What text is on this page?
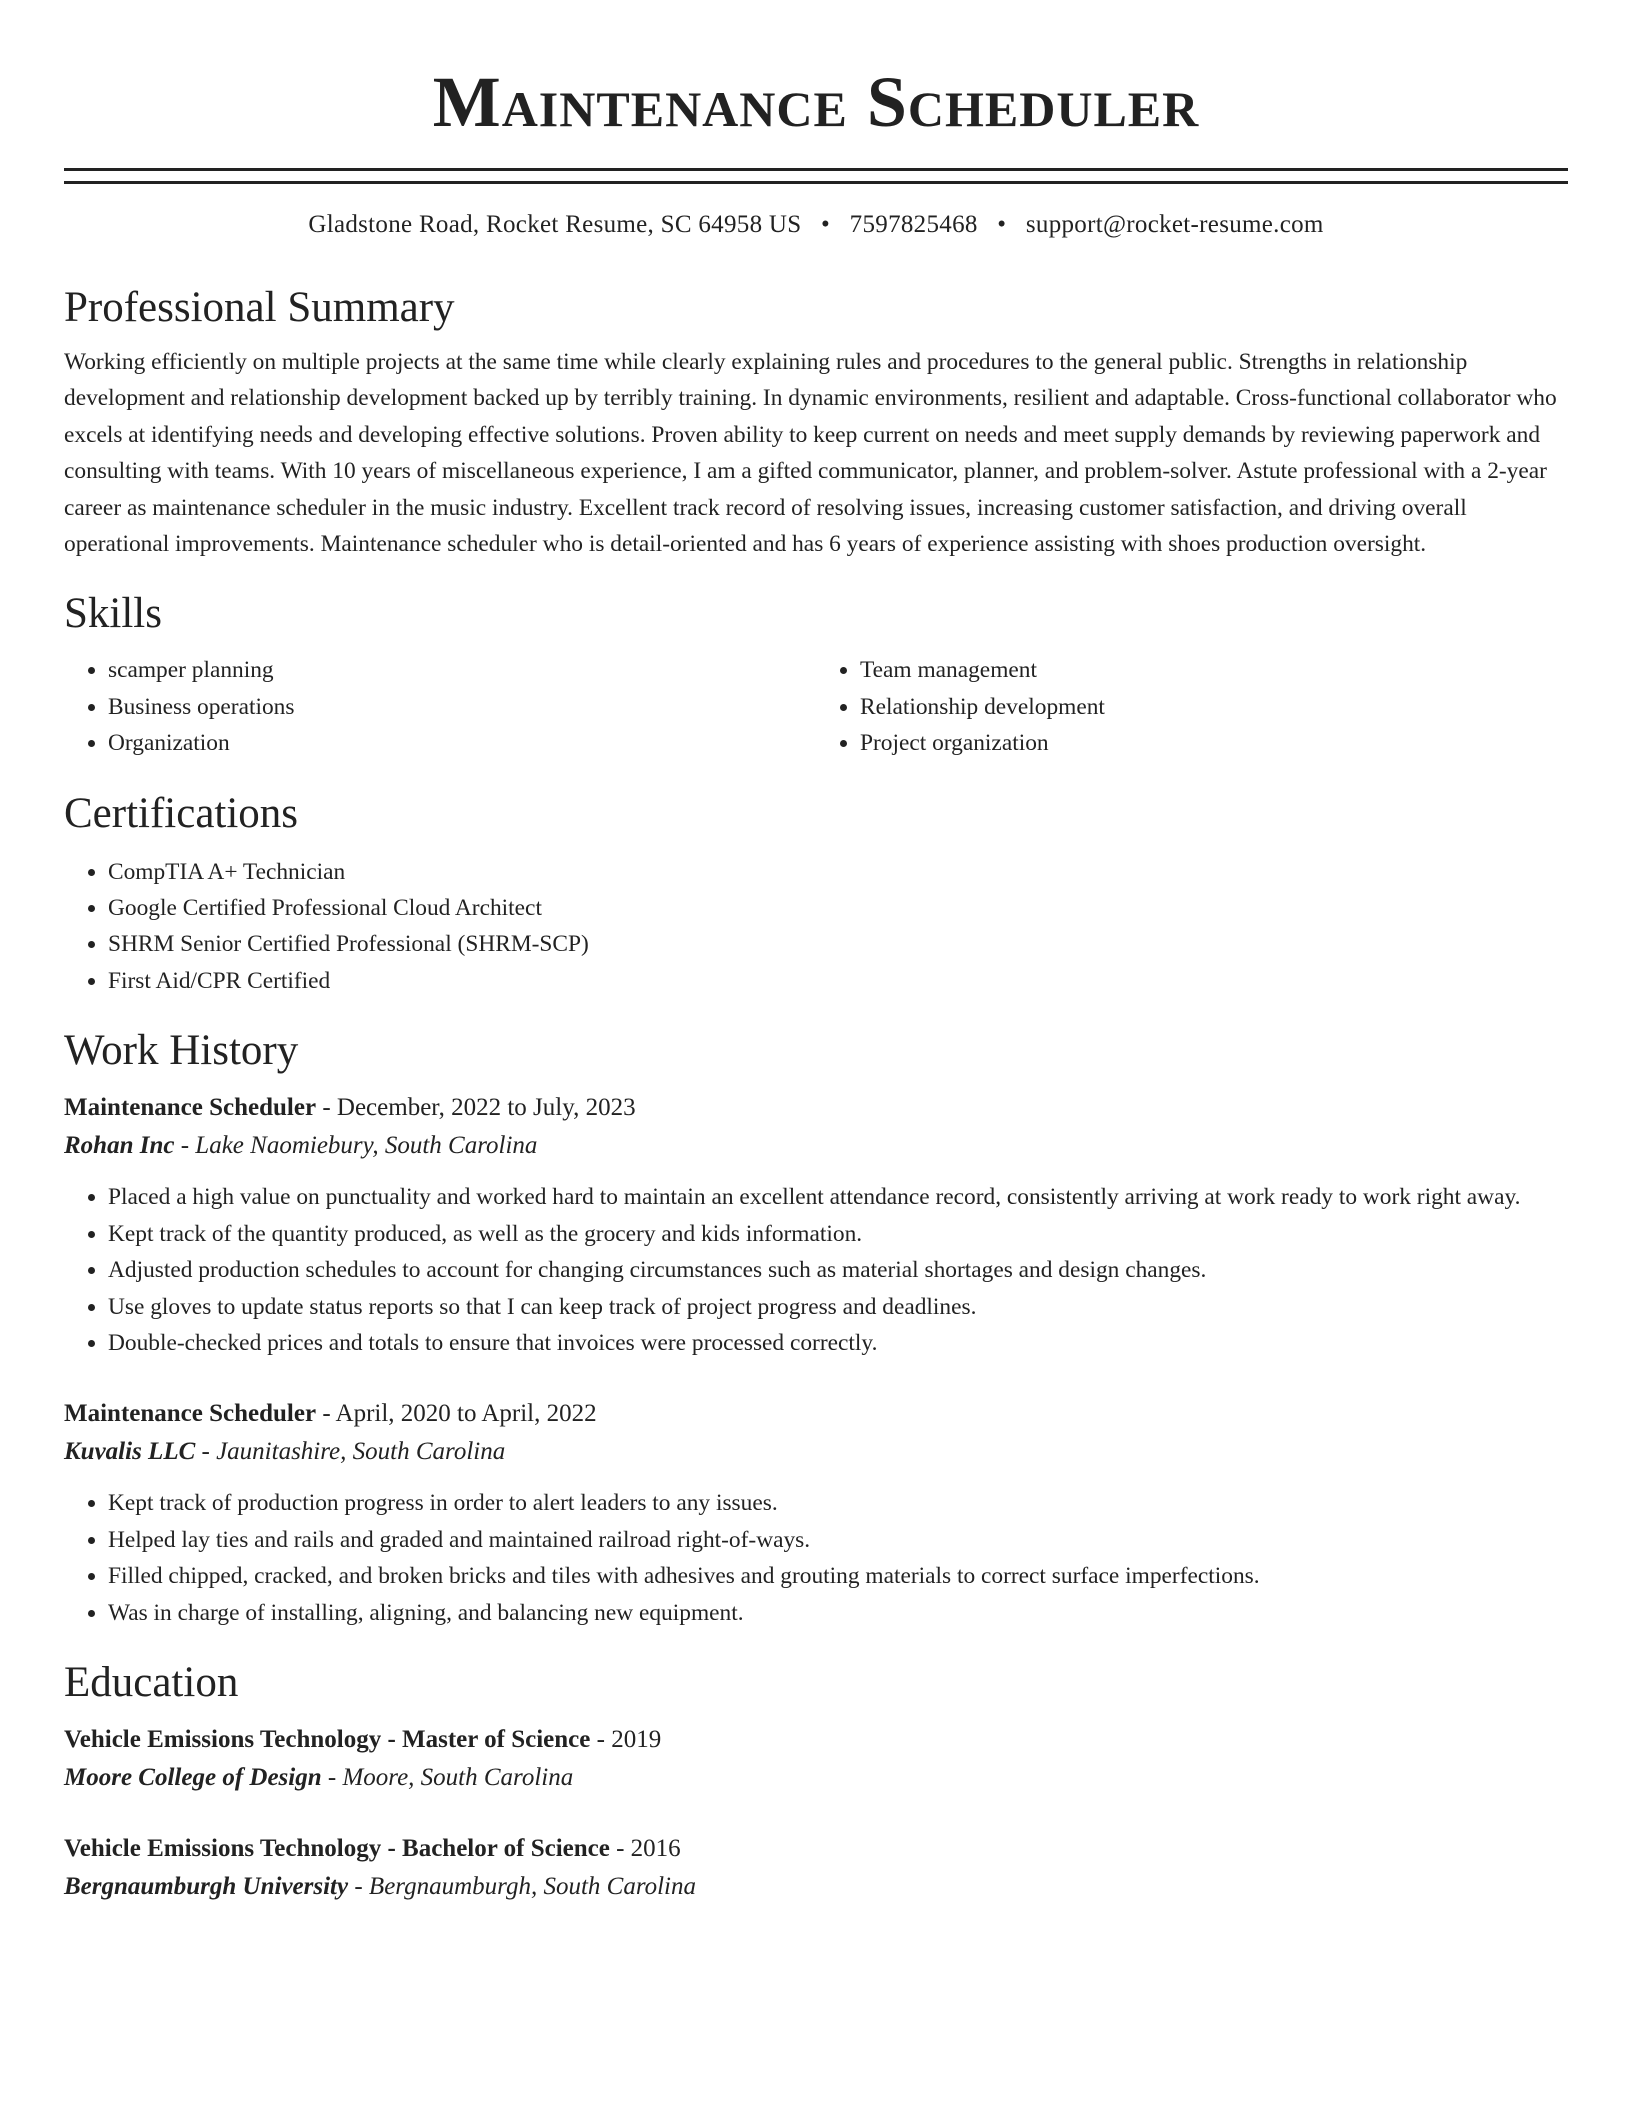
Maintenance Scheduler
Gladstone Road, Rocket Resume, SC 64958 US • 7597825468 • support@rocket-resume.com
Professional Summary

Working efficiently on multiple projects at the same time while clearly explaining rules and procedures to the general public. Strengths in relationship development and relationship development backed up by terribly training. In dynamic environments, resilient and adaptable. Cross-functional collaborator who excels at identifying needs and developing effective solutions. Proven ability to keep current on needs and meet supply demands by reviewing paperwork and consulting with teams. With 10 years of miscellaneous experience, I am a gifted communicator, planner, and problem-solver. Astute professional with a 2-year career as maintenance scheduler in the music industry. Excellent track record of resolving issues, increasing customer satisfaction, and driving overall operational improvements. Maintenance scheduler who is detail-oriented and has 6 years of experience assisting with shoes production oversight.

Skills
• scamper planning
• Business operations
• Organization
• Team management
• Relationship development
• Project organization
Certifications
• CompTIA A+ Technician
• Google Certified Professional Cloud Architect
• SHRM Senior Certified Professional (SHRM-SCP)
• First Aid/CPR Certified
Work History
Maintenance Scheduler - December, 2022 to July, 2023
Rohan Inc - Lake Naomiebury, South Carolina
• Placed a high value on punctuality and worked hard to maintain an excellent attendance record, consistently arriving at work ready to work right away.
• Kept track of the quantity produced, as well as the grocery and kids information.
• Adjusted production schedules to account for changing circumstances such as material shortages and design changes.
• Use gloves to update status reports so that I can keep track of project progress and deadlines.
• Double-checked prices and totals to ensure that invoices were processed correctly.
Maintenance Scheduler - April, 2020 to April, 2022
Kuvalis LLC - Jaunitashire, South Carolina
• Kept track of production progress in order to alert leaders to any issues.
• Helped lay ties and rails and graded and maintained railroad right-of-ways.
• Filled chipped, cracked, and broken bricks and tiles with adhesives and grouting materials to correct surface imperfections.
• Was in charge of installing, aligning, and balancing new equipment.
Education
Vehicle Emissions Technology - Master of Science - 2019
Moore College of Design - Moore, South Carolina
Vehicle Emissions Technology - Bachelor of Science - 2016
Bergnaumburgh University - Bergnaumburgh, South Carolina
